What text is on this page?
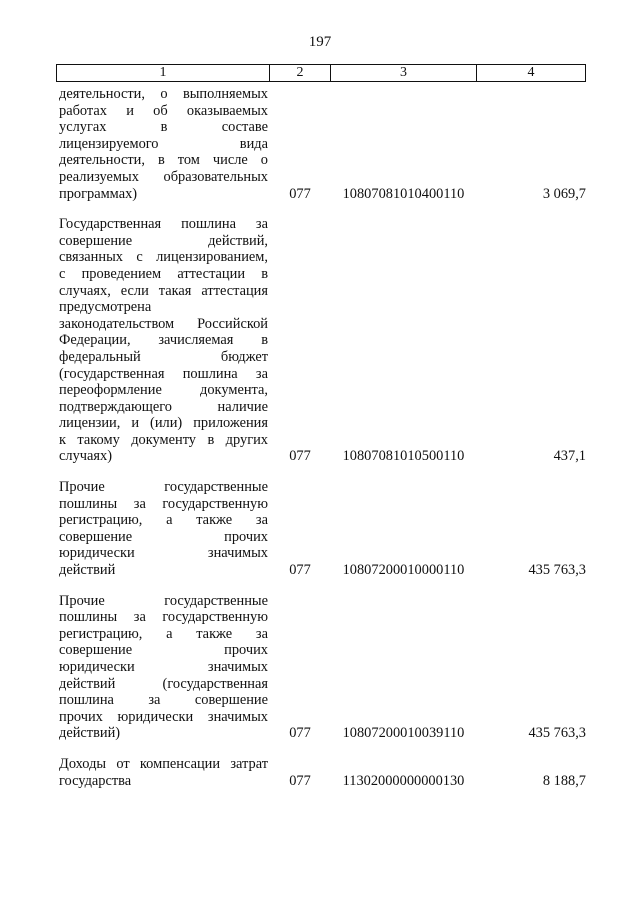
197
1	2	3	4
деятельности, о выполняемых
работах и об оказываемых
услугах в составе
лицензируемого вида
деятельности, в том числе о
реализуемых образовательных
программах)	077	10807081010400110	3 069,7
Государственная пошлина за
совершение действий,
связанных с лицензированием,
с проведением аттестации в
случаях, если такая аттестация
предусмотрена
законодательством Российской
Федерации, зачисляемая в
федеральный бюджет
(государственная пошлина за
переоформление документа,
подтверждающего наличие
лицензии, и (или) приложения
к такому документу в других
случаях)	077	10807081010500110	437,1
Прочие государственные
пошлины за государственную
регистрацию, а также за
совершение прочих
юридически значимых
действий	077	10807200010000110	435 763,3
Прочие государственные
пошлины за государственную
регистрацию, а также за
совершение прочих
юридически значимых
действий (государственная
пошлина за совершение
прочих юридически значимых
действий)	077	10807200010039110	435 763,3
Доходы от компенсации затрат
государства	077	11302000000000130	8 188,7
